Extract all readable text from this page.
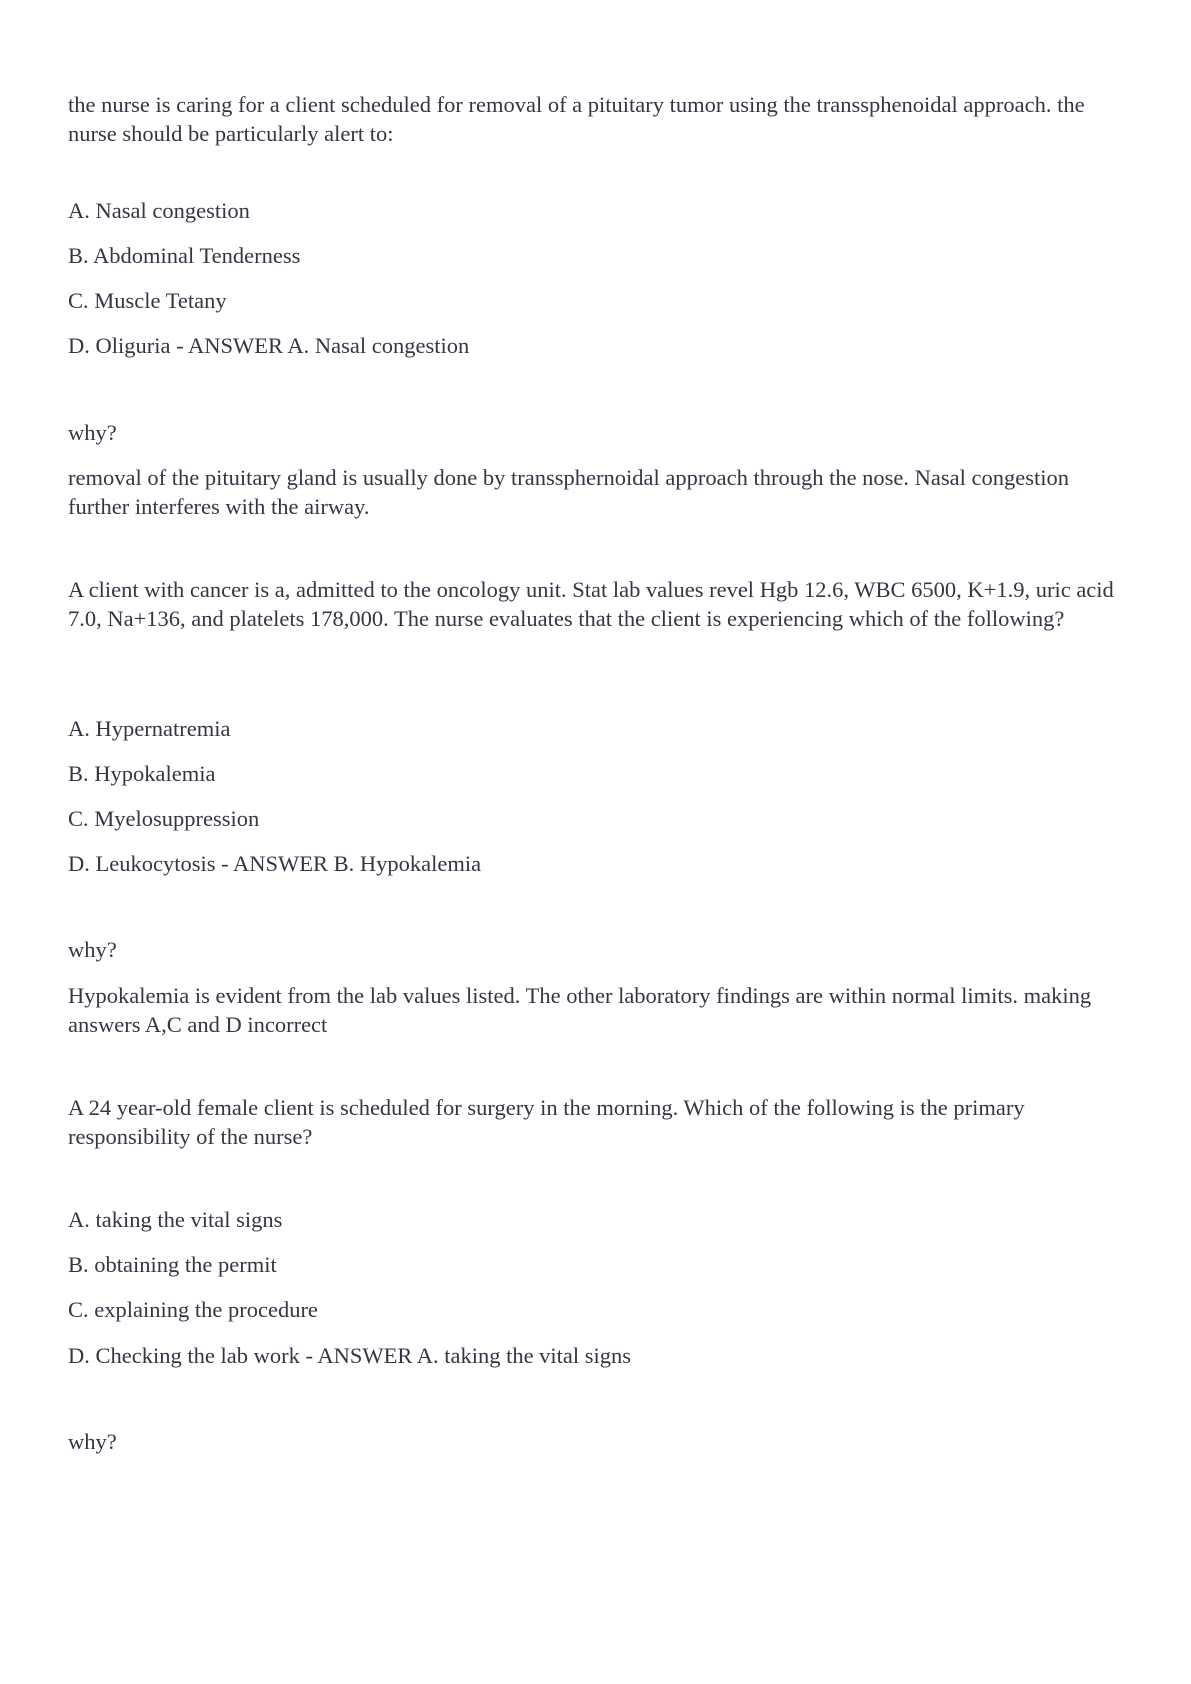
the nurse is caring for a client scheduled for removal of a pituitary tumor using the transsphenoidal approach. the nurse should be particularly alert to:
A. Nasal congestion
B. Abdominal Tenderness
C. Muscle Tetany
D. Oliguria - ANSWER A. Nasal congestion
why?
removal of the pituitary gland is usually done by transsphernoidal approach through the nose. Nasal congestion further interferes with the airway.
A client with cancer is a, admitted to the oncology unit. Stat lab values revel Hgb 12.6, WBC 6500, K+1.9, uric acid 7.0, Na+136, and platelets 178,000. The nurse evaluates that the client is experiencing which of the following?
A. Hypernatremia
B. Hypokalemia
C. Myelosuppression
D. Leukocytosis - ANSWER B. Hypokalemia
why?
Hypokalemia is evident from the lab values listed. The other laboratory findings are within normal limits. making answers A,C and D incorrect
A 24 year-old female client is scheduled for surgery in the morning. Which of the following is the primary responsibility of the nurse?
A. taking the vital signs
B. obtaining the permit
C. explaining the procedure
D. Checking the lab work - ANSWER A. taking the vital signs
why?
